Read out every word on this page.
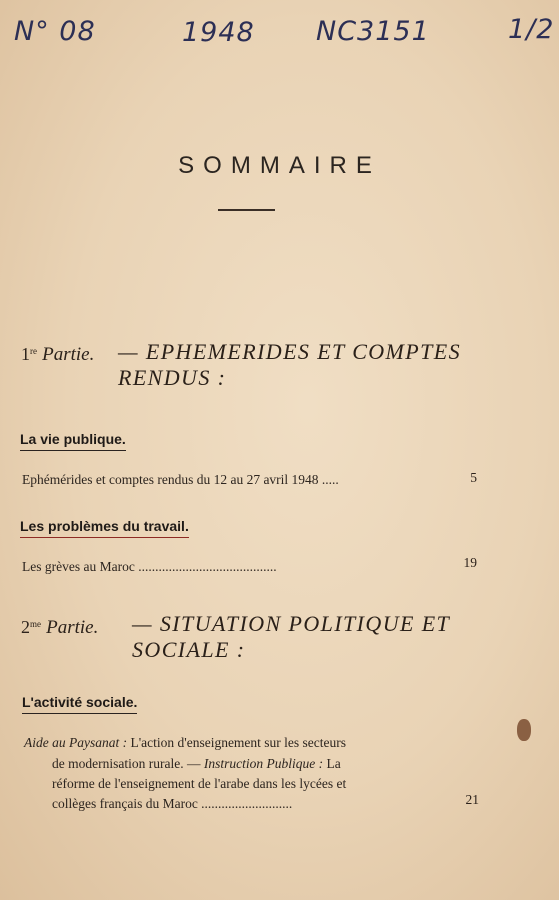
N° 08	1948 NC3151	1/2
SOMMAIRE
1re Partie. — EPHEMERIDES ET COMPTES RENDUS :
La vie publique.
Ephémérides et comptes rendus du 12 au 27 avril 1948 .....	5
Les problèmes du travail.
Les grèves au Maroc .........................................	19
$2^{me}$ Partie. — SITUATION POLITIQUE ET SOCIALE :
L'activité sociale.
Aide au Paysanat : L'action d'enseignement sur les secteurs
de modernisation rurale. — Instruction Publique : La
réforme de l'enseignement de l'arabe dans les lycées et
collèges français du Maroc ...........................	21
